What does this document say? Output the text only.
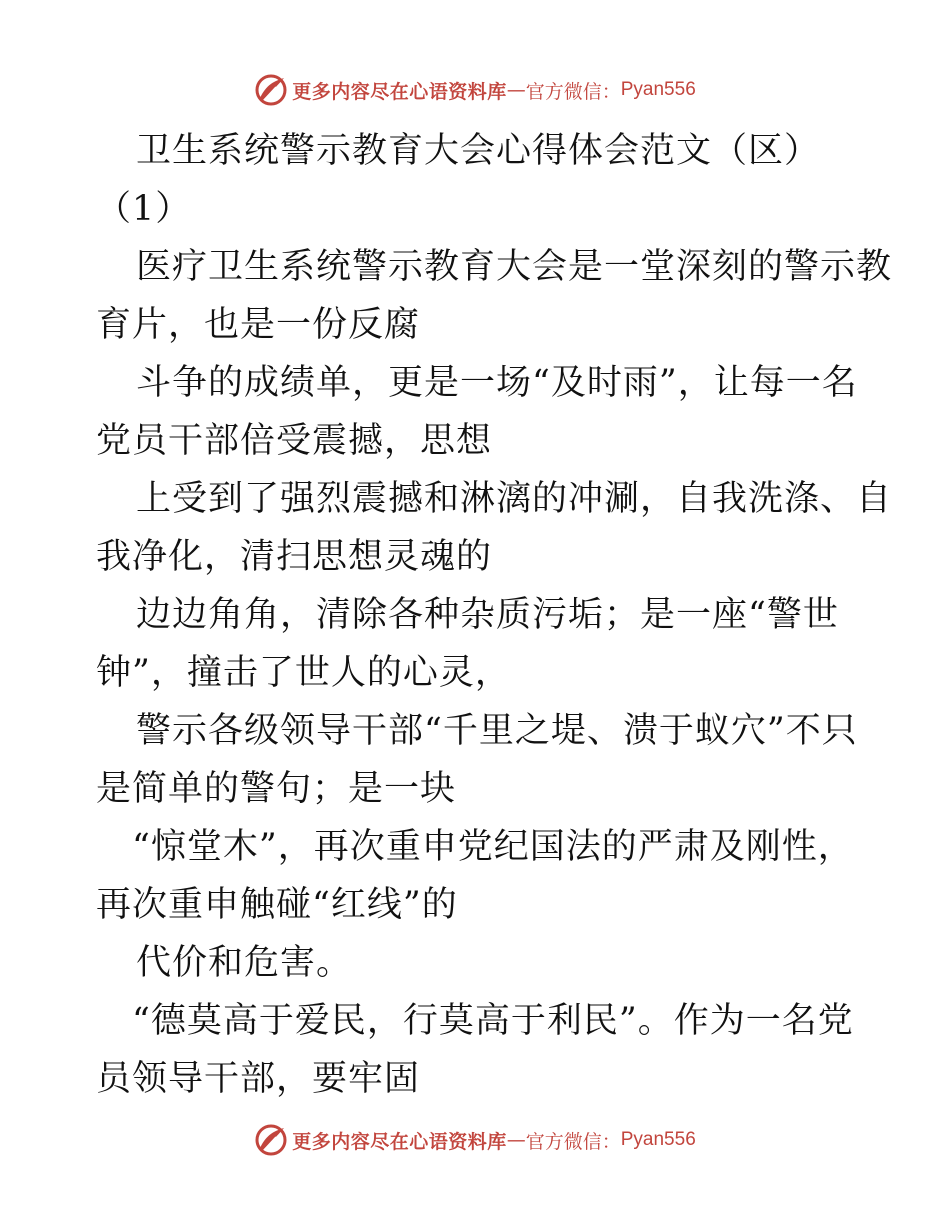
更多内容尽在心语资料库 — 官方微信： Pyan556
卫生系统警示教育大会心得体会范文（区）
（1）
医疗卫生系统警示教育大会是一堂深刻的警示教
育片，也是一份反腐
斗争的成绩单，更是一场“及时雨”，让每一名
党员干部倍受震撼，思想
上受到了强烈震撼和淋漓的冲涮，自我洗涤、自
我净化，清扫思想灵魂的
边边角角，清除各种杂质污垢；是一座“警世
钟”，撞击了世人的心灵，
警示各级领导干部“千里之堤、溃于蚁穴”不只
是简单的警句；是一块
“惊堂木”，再次重申党纪国法的严肃及刚性，
再次重申触碰“红线”的
代价和危害。
“德莫高于爱民，行莫高于利民”。作为一名党
员领导干部，要牢固
更多内容尽在心语资料库 — 官方微信： Pyan556
